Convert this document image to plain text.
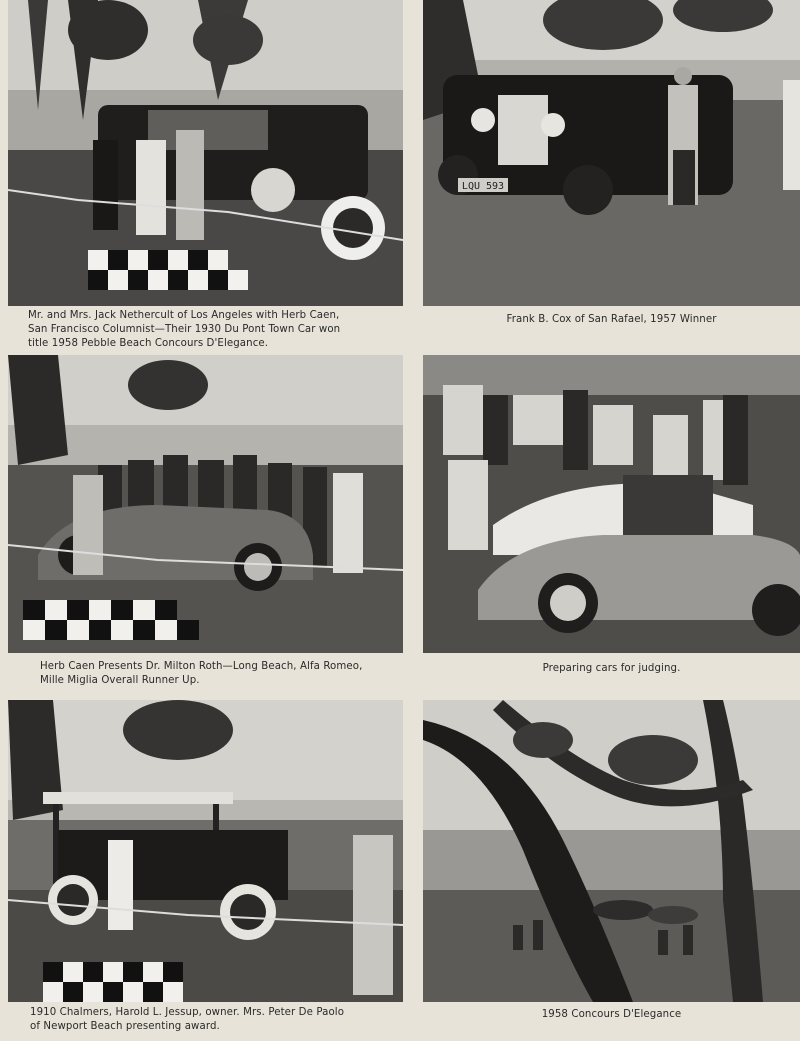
Mr. and Mrs. Jack Nethercult of Los Angeles with Herb Caen,
San Francisco Columnist—Their 1930 Du Pont Town Car won
title 1958 Pebble Beach Concours D'Elegance.
LQU 593
Frank B. Cox of San Rafael, 1957 Winner
Herb Caen Presents Dr. Milton Roth—Long Beach, Alfa Romeo,
Mille Miglia Overall Runner Up.
Preparing cars for judging.
1910 Chalmers, Harold L. Jessup, owner. Mrs. Peter De Paolo
of Newport Beach presenting award.
1958 Concours D'Elegance
